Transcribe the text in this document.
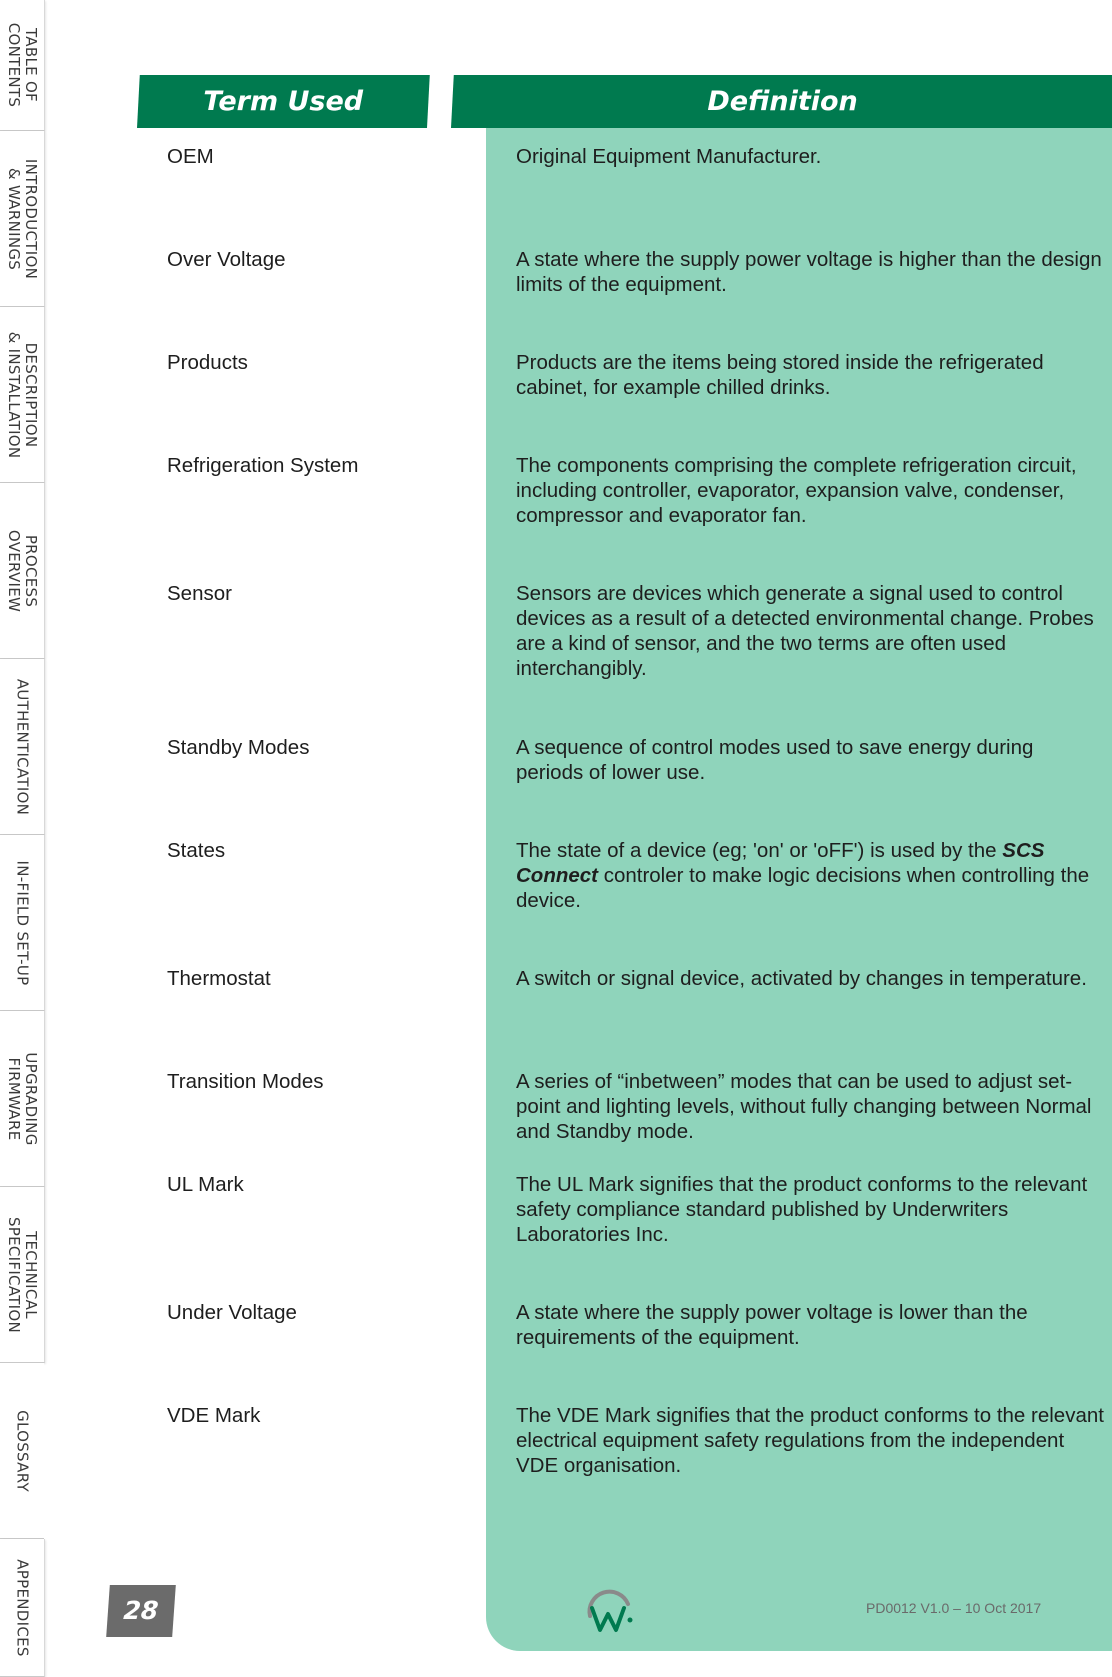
TABLE OF
CONTENTS
INTRODUCTION
& WARNINGS
DESCRIPTION
& INSTALLATION
PROCESS
OVERVIEW
AUTHENTICATION
IN-FIELD SET-UP
UPGRADING
FIRMWARE
TECHNICAL
SPECIFICATION
GLOSSARY
APPENDICES
Term Used	Definition
OEM	Original Equipment Manufacturer.
Over Voltage	A state where the supply power voltage is higher than the design limits of the equipment.
Products	Products are the items being stored inside the refrigerated cabinet, for example chilled drinks.
Refrigeration System	The components comprising the complete refrigeration circuit, including controller, evaporator, expansion valve, condenser, compressor and evaporator fan.
Sensor	Sensors are devices which generate a signal used to control devices as a result of a detected environmental change. Probes are a kind of sensor, and the two terms are often used interchangibly.
Standby Modes	A sequence of control modes used to save energy during periods of lower use.
States	The state of a device (eg; 'on' or 'oFF') is used by the SCS Connect controler to make logic decisions when controlling the device.
Thermostat	A switch or signal device, activated by changes in temperature.
Transition Modes	A series of “inbetween” modes that can be used to adjust set-point and lighting levels, without fully changing between Normal and Standby mode.
UL Mark	The UL Mark signifies that the product conforms to the relevant safety compliance standard published by Underwriters Laboratories Inc.
Under Voltage	A state where the supply power voltage is lower than the requirements of the equipment.
VDE Mark	The VDE Mark signifies that the product conforms to the relevant electrical equipment safety regulations from the independent VDE organisation.
28	PD0012 V1.0 – 10 Oct 2017
